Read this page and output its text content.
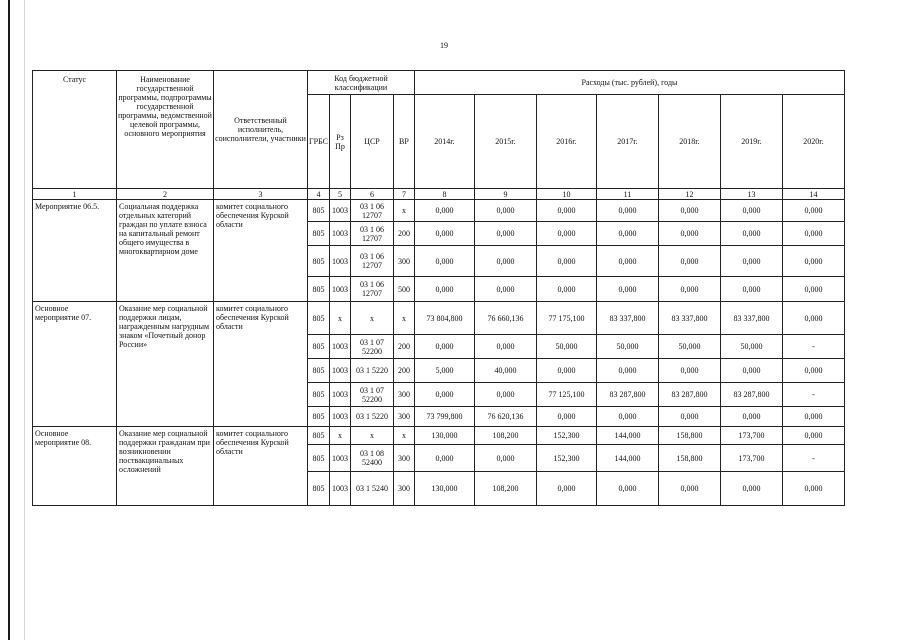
19
Статус	Наименование государственной программы, подпрограммы государственной программы, ведомственной целевой программы, основного мероприятия	Ответственный исполнитель, соисполнители, участники	Код бюджетной классификации				Расходы (тыс. рублей), годы						
			ГРБС	Рз Пр	ЦСР	ВР	2014г.	2015г.	2016г.	2017г.	2018г.	2019г.	2020г.
1	2	3	4	5	6	7	8	9	10	11	12	13	14
Мероприятие 06.5.	Социальная поддержка отдельных категорий граждан по уплате взноса на капитальный ремонт общего имущества в многоквартирном доме	комитет социального обеспечения Курской области	805	1003	03 1 06 12707	x	0,000	0,000	0,000	0,000	0,000	0,000	0,000
			805	1003	03 1 06 12707	200	0,000	0,000	0,000	0,000	0,000	0,000	0,000
			805	1003	03 1 06 12707	300	0,000	0,000	0,000	0,000	0,000	0,000	0,000
			805	1003	03 1 06 12707	500	0,000	0,000	0,000	0,000	0,000	0,000	0,000
Основное мероприятие 07.	Оказание мер социальной поддержки лицам, награжденным нагрудным знаком «Почетный донор России»	комитет социального обеспечения Курской области	805	x	x	x	73 804,800	76 660,136	77 175,100	83 337,800	83 337,800	83 337,800	0,000
			805	1003	03 1 07 52200	200	0,000	0,000	50,000	50,000	50,000	50,000	-
			805	1003	03 1 5220	200	5,000	40,000	0,000	0,000	0,000	0,000	0,000
			805	1003	03 1 07 52200	300	0,000	0,000	77 125,100	83 287,800	83 287,800	83 287,800	-
			805	1003	03 1 5220	300	73 799,800	76 620,136	0,000	0,000	0,000	0,000	0,000
Основное мероприятие 08.	Оказание мер социальной поддержки гражданам при возникновении поствакцинальных осложнений	комитет социального обеспечения Курской области	805	x	x	x	130,000	108,200	152,300	144,000	158,800	173,700	0,000
			805	1003	03 1 08 52400	300	0,000	0,000	152,300	144,000	158,800	173,700	-
			805	1003	03 1 5240	300	130,000	108,200	0,000	0,000	0,000	0,000	0,000
